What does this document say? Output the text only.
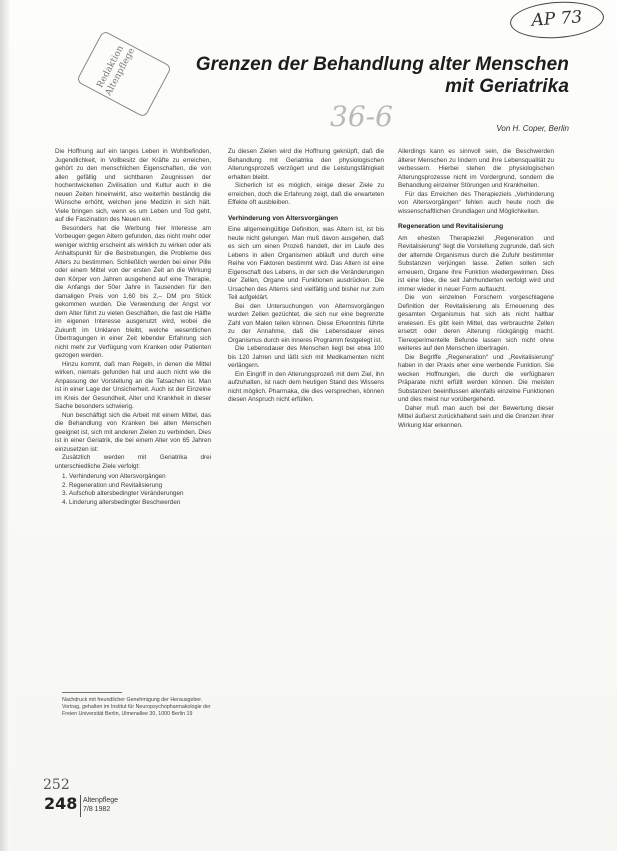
Redaktion Altenpflege
AP 73
36-6
Grenzen der Behandlung alter Menschen
mit Geriatrika
Von H. Coper, Berlin

Die Hoffnung auf ein langes Leben in Wohlbefinden, Jugendlichkeit, in Vollbesitz der Kräfte zu erreichen, gehört zu den menschlichen Eigenschaften, die von allen gefällig und sichtbaren Zeugnissen der hochentwickelten Zivilisation und Kultur auch in die neuen Zeiten hineinwirkt, also weiterhin beständig die Wünsche erhöht, welchen jene Medizin in sich hält. Viele bringen sich, wenn es um Leben und Tod geht, auf die Faszination des Neuen ein.

Besonders hat die Werbung hier Interesse am Vorbeugen gegen Altern gefunden, das nicht mehr oder weniger wichtig erscheint als wirklich zu wirken oder als Anhaltspunkt für die Bestrebungen, die Probleme des Alters zu bestimmen. Schließlich werden bei einer Pille oder einem Mittel von der ersten Zeit an die Wirkung den Körper von Jahren ausgehend auf eine Therapie, die Anfangs der 50er Jahre in Tausenden für den damaligen Preis von 1,60 bis 2,– DM pro Stück gekommen wurden. Die Verwendung der Angst vor dem Alter führt zu vielen Geschäften, die fast die Hälfte im eigenen Interesse ausgenutzt wird, wobei die Zukunft im Unklaren bleibt, welche wesentlichen Übertragungen in einer Zeit lebender Erfahrung sich nicht mehr zur Verfügung vom Kranken oder Patienten gezogen werden.

Hinzu kommt, daß man Regeln, in denen die Mittel wirken, niemals gefunden hat und auch nicht wie die Anpassung der Vorstellung an die Tatsachen ist. Man ist in einer Lage der Unsicherheit. Auch ist der Einzelne im Kreis der Gesundheit, Alter und Krankheit in dieser Sache besonders schwierig.

Nun beschäftigt sich die Arbeit mit einem Mittel, das die Behandlung von Kranken bei alten Menschen geeignet ist, sich mit anderen Zielen zu verbinden. Dies ist in einer Geriatrik, die bei einem Alter von 65 Jahren einzusetzen ist:

Zusätzlich werden mit Geriatrika drei unterschiedliche Ziele verfolgt:

1. Verhinderung von Altersvorgängen
2. Regeneration und Revitalisierung
3. Aufschub altersbedingter Veränderungen
4. Linderung altersbedingter Beschwerden

Zu diesen Zielen wird die Hoffnung geknüpft, daß die Behandlung mit Geriatrika den physiologischen Alterungsprozeß verzögert und die Leistungsfähigkeit erhalten bleibt.

Sicherlich ist es möglich, einige dieser Ziele zu erreichen, doch die Erfahrung zeigt, daß die erwarteten Effekte oft ausbleiben.

Verhinderung von Altersvorgängen

Eine allgemeingültige Definition, was Altern ist, ist bis heute nicht gelungen. Man muß davon ausgehen, daß es sich um einen Prozeß handelt, der im Laufe des Lebens in allen Organismen abläuft und durch eine Reihe von Faktoren bestimmt wird. Das Altern ist eine Eigenschaft des Lebens, in der sich die Veränderungen der Zellen, Organe und Funktionen ausdrücken. Die Ursachen des Alterns sind vielfältig und bisher nur zum Teil aufgeklärt.

Bei den Untersuchungen von Alternsvorgängen wurden Zellen gezüchtet, die sich nur eine begrenzte Zahl von Malen teilen können. Diese Erkenntnis führte zu der Annahme, daß die Lebensdauer eines Organismus durch ein inneres Programm festgelegt ist.

Die Lebensdauer des Menschen liegt bei etwa 100 bis 120 Jahren und läßt sich mit Medikamenten nicht verlängern.

Ein Eingriff in den Alterungsprozeß mit dem Ziel, ihn aufzuhalten, ist nach dem heutigen Stand des Wissens nicht möglich. Pharmaka, die dies versprechen, können diesen Anspruch nicht erfüllen.

Allerdings kann es sinnvoll sein, die Beschwerden älterer Menschen zu lindern und ihre Lebensqualität zu verbessern. Hierbei stehen die physiologischen Alterungsprozesse nicht im Vordergrund, sondern die Behandlung einzelner Störungen und Krankheiten.

Für das Erreichen des Therapieziels „Verhinderung von Altersvorgängen“ fehlen auch heute noch die wissenschaftlichen Grundlagen und Möglichkeiten.

Regeneration und Revitalisierung

Am ehesten Therapieziel „Regeneration und Revitalisierung“ liegt die Vorstellung zugrunde, daß sich der alternde Organismus durch die Zufuhr bestimmter Substanzen verjüngen lasse. Zellen sollen sich erneuern, Organe ihre Funktion wiedergewinnen. Dies ist eine Idee, die seit Jahrhunderten verfolgt wird und immer wieder in neuer Form auftaucht.

Die von einzelnen Forschern vorgeschlagene Definition der Revitalisierung als Erneuerung des gesamten Organismus hat sich als nicht haltbar erwiesen. Es gibt kein Mittel, das verbrauchte Zellen ersetzt oder deren Alterung rückgängig macht. Tierexperimentelle Befunde lassen sich nicht ohne weiteres auf den Menschen übertragen.

Die Begriffe „Regeneration“ und „Revitalisierung“ haben in der Praxis eher eine werbende Funktion. Sie wecken Hoffnungen, die durch die verfügbaren Präparate nicht erfüllt werden können. Die meisten Substanzen beeinflussen allenfalls einzelne Funktionen und dies meist nur vorübergehend.

Daher muß man auch bei der Bewertung dieser Mittel äußerst zurückhaltend sein und die Grenzen ihrer Wirkung klar erkennen.

Nachdruck mit freundlicher Genehmigung der Herausgeber. Vortrag, gehalten im Institut für Neuropsychopharmakologie der Freien Universität Berlin, Ulmenallee 30, 1000 Berlin 19
252
248 Altenpflege
7/8 1982
